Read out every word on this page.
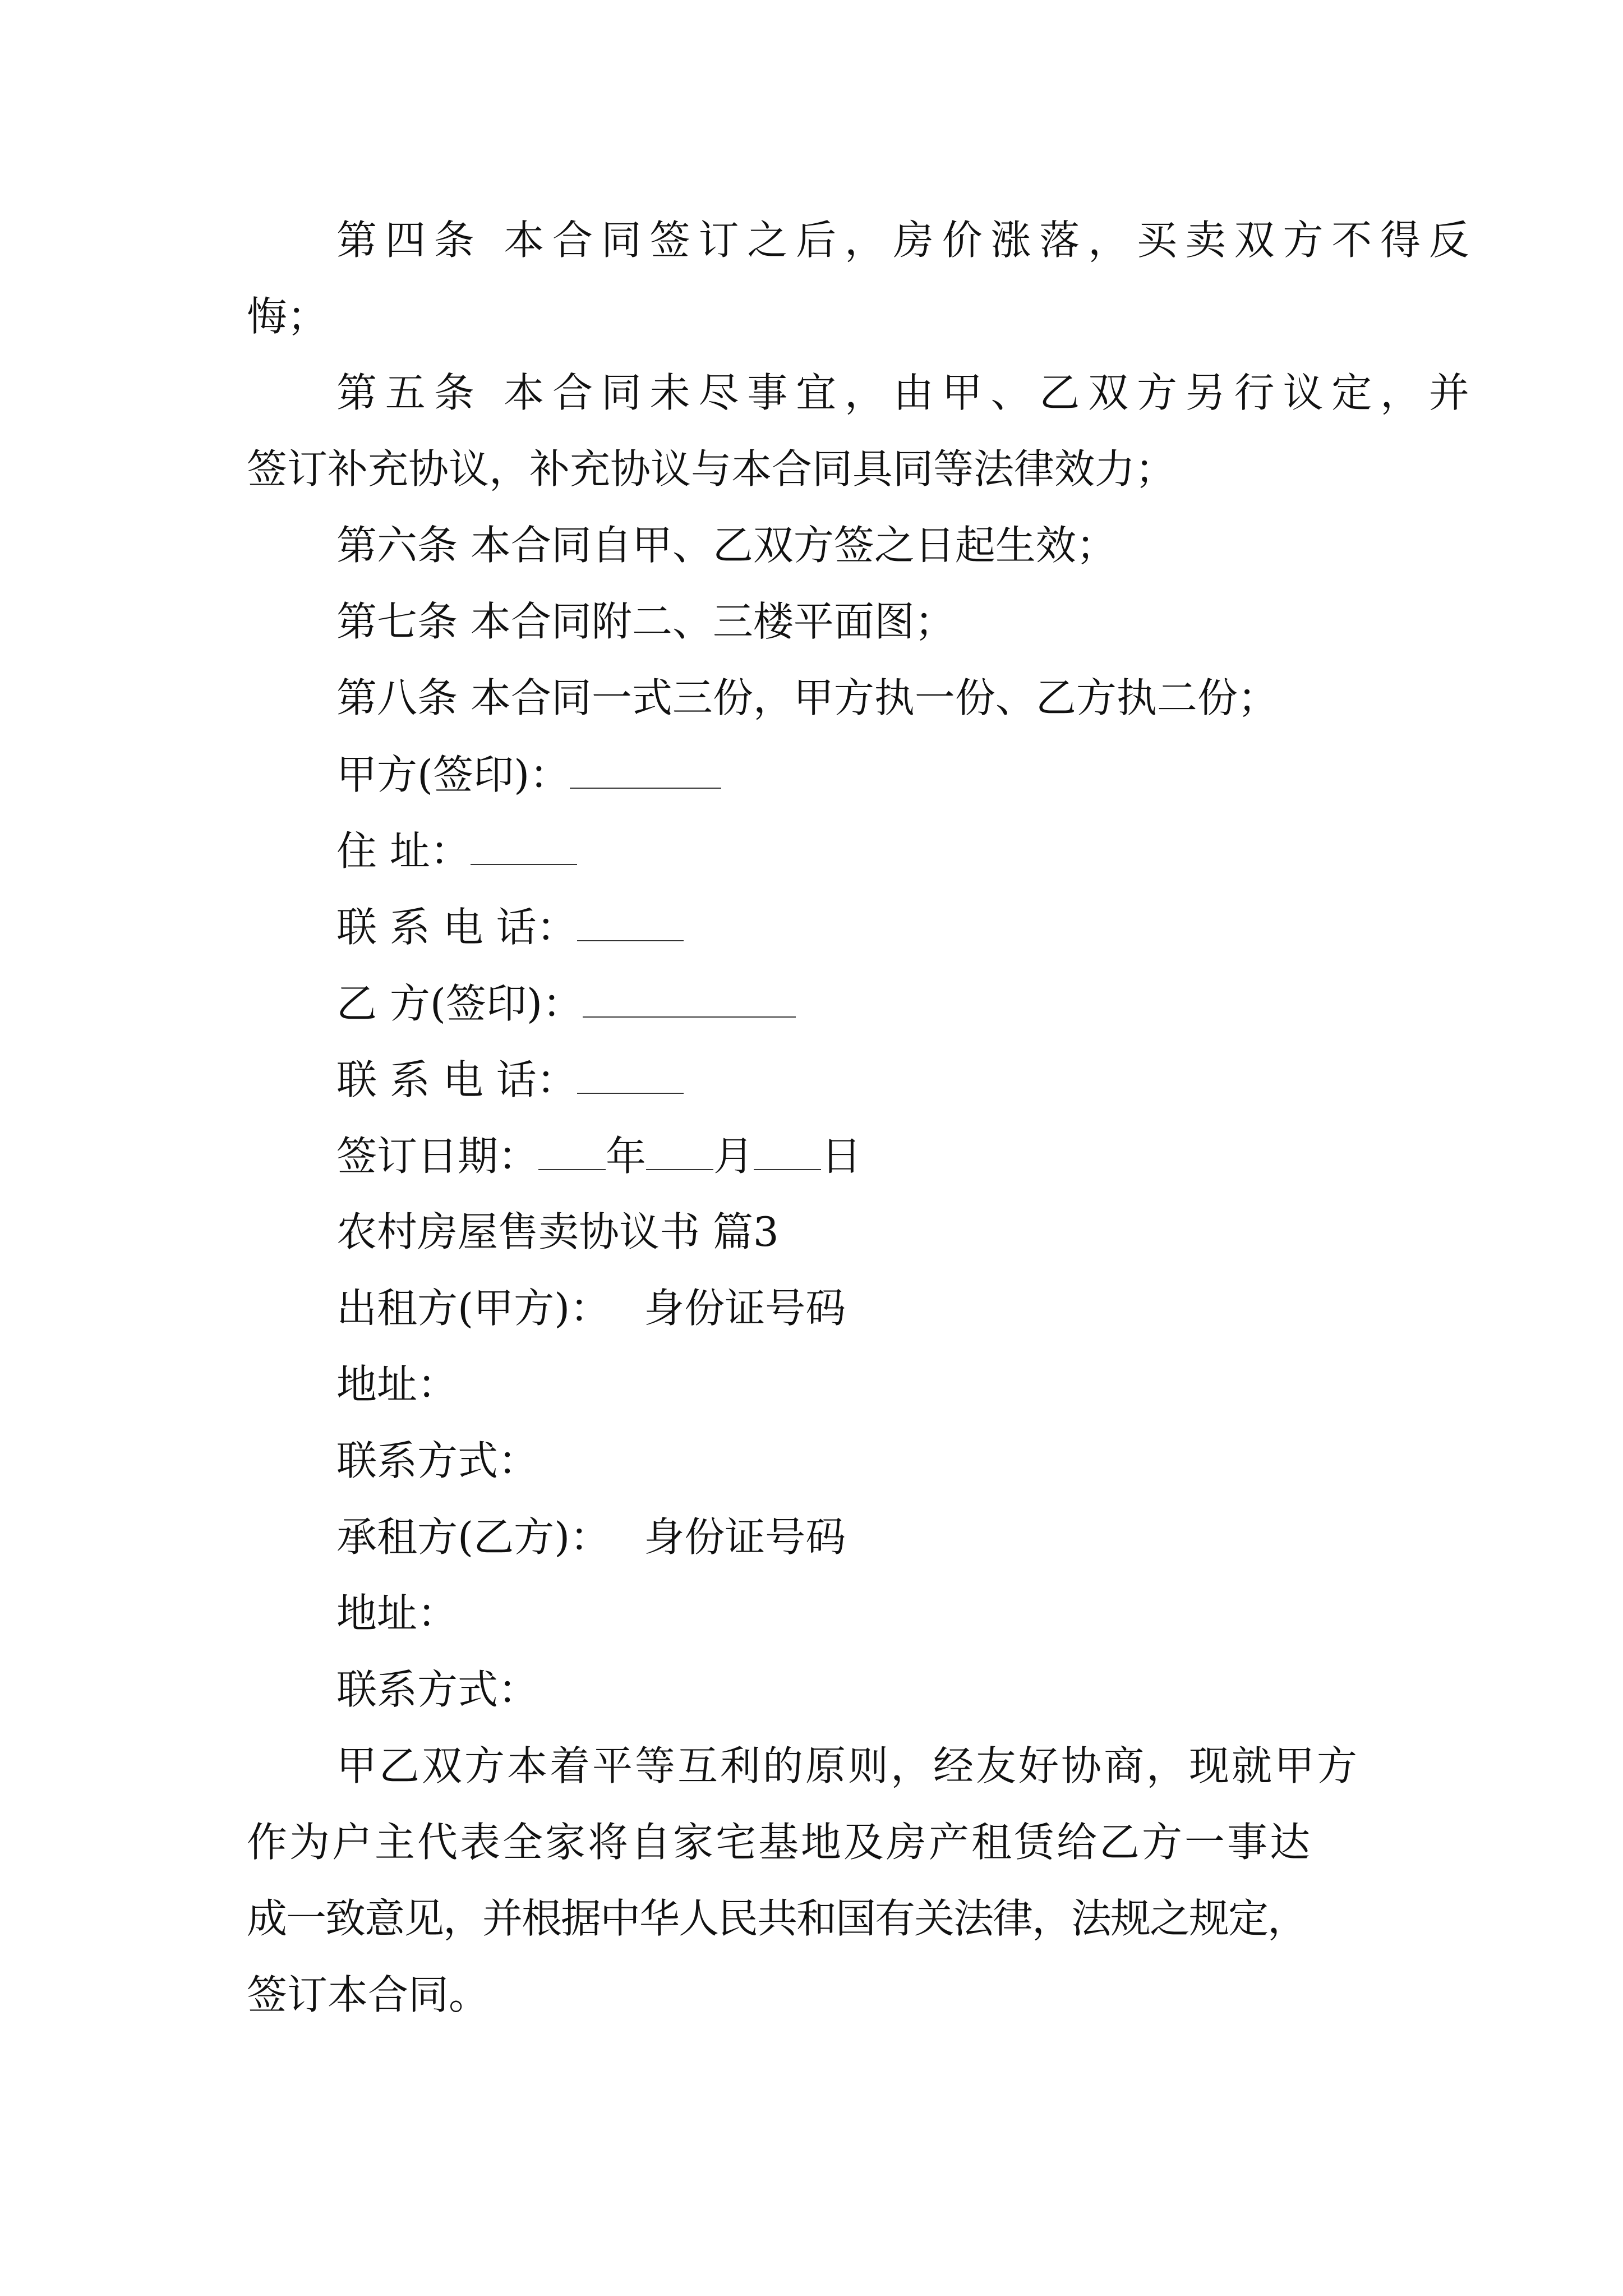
第 四 条
本 合 同 签 订 之 后 ， 房 价 涨 落 ， 买 卖 双 方 不 得 反
悔；
第 五 条
本 合 同 未 尽 事 宜 ， 由 甲 、 乙 双 方 另 行 议 定 ， 并
签订补充协议，补充协议与本合同具同等法律效力；
第六条 本合同自甲、乙双方签之日起生效；
第七条 本合同附二、三楼平面图；
第八条 本合同一式三份，甲方执一份、乙方执二份；
甲方(签印)：
住 址：
联 系 电 话：
乙 方(签印)：
联 系 电 话：
签订日期： 年 月 日
农村房屋售卖协议书 篇3
出租方(甲方)： 身份证号码
地址：
联系方式：
承租方(乙方)： 身份证号码
地址：
联系方式：
甲乙双方本着平等互利的原则，经友好协商，现就甲方
作为户主代表全家将自家宅基地及房产租赁给乙方一事达
成一致意见，并根据中华人民共和国有关法律，法规之规定，
签订本合同。
